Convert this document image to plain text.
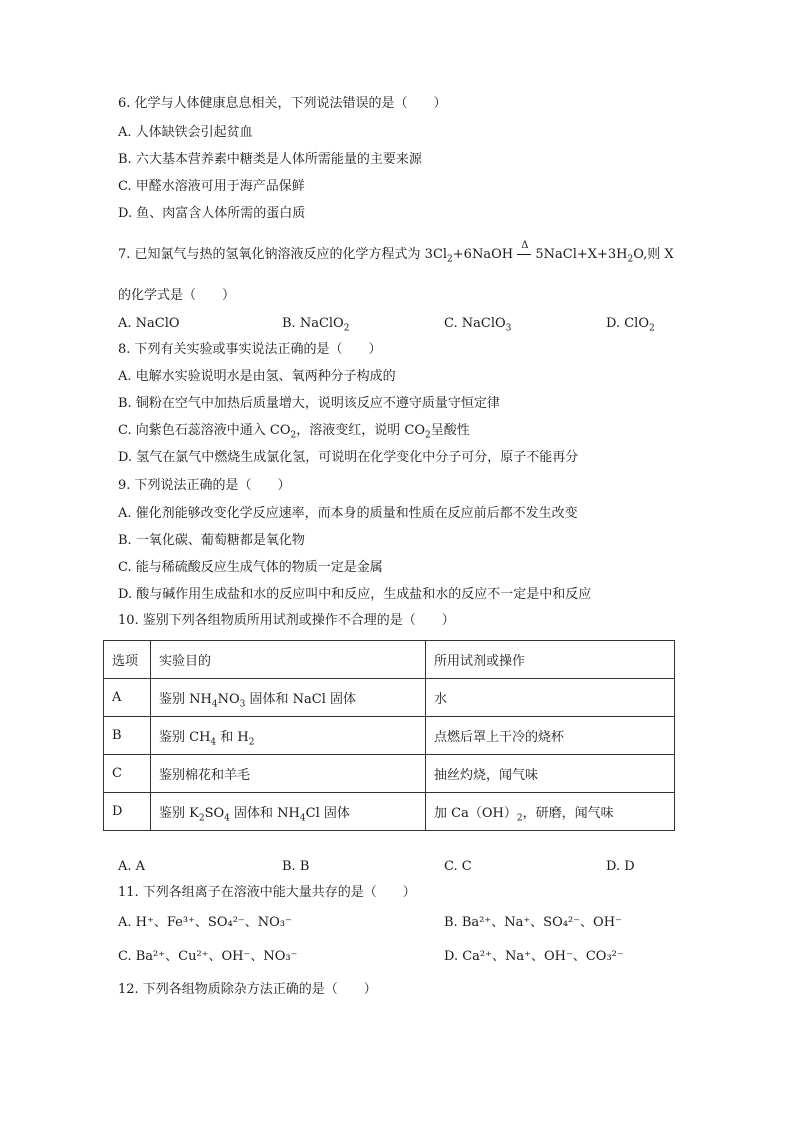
6. 化学与人体健康息息相关，下列说法错误的是（　　）
A. 人体缺铁会引起贫血
B. 六大基本营养素中糖类是人体所需能量的主要来源
C. 甲醛水溶液可用于海产品保鲜
D. 鱼、肉富含人体所需的蛋白质
7. 已知氯气与热的氢氧化钠溶液反应的化学方程式为 $3Cl_2+6NaOH$
Δ
$5NaCl+X+3H_2O$,则 X
的化学式是（　　）
A. NaClO	B. NaClO$_2$	C. NaClO$_3$	D. ClO$_2$
8. 下列有关实验或事实说法正确的是（　　）
A. 电解水实验说明水是由氢、氧两种分子构成的
B. 铜粉在空气中加热后质量增大，说明该反应不遵守质量守恒定律
C. 向紫色石蕊溶液中通入 $CO_2$，溶液变红，说明 $CO_2$呈酸性
D. 氢气在氯气中燃烧生成氯化氢，可说明在化学变化中分子可分，原子不能再分
9. 下列说法正确的是（　　）
A. 催化剂能够改变化学反应速率，而本身的质量和性质在反应前后都不发生改变
B. 一氧化碳、葡萄糖都是氧化物
C. 能与稀硫酸反应生成气体的物质一定是金属
D. 酸与碱作用生成盐和水的反应叫中和反应，生成盐和水的反应不一定是中和反应
10. 鉴别下列各组物质所用试剂或操作不合理的是（　　）
选项	实验目的	所用试剂或操作
A	鉴别 $NH_4NO_3$ 固体和 NaCl 固体	水
B	鉴别 $CH_4$ 和 $H_2$	点燃后罩上干冷的烧杯
C	鉴别棉花和羊毛	抽丝灼烧，闻气味
D	鉴别 $K_2SO_4$ 固体和 $NH_4Cl$ 固体	加 $Ca(OH)_2$，研磨，闻气味
A. A	B. B	C. C	D. D
11. 下列各组离子在溶液中能大量共存的是（　　）
A. H⁺、Fe³⁺、SO₄²⁻、NO₃⁻	B. Ba²⁺、Na⁺、SO₄²⁻、OH⁻
C. Ba²⁺、Cu²⁺、OH⁻、NO₃⁻	D. Ca²⁺、Na⁺、OH⁻、CO₃²⁻
12. 下列各组物质除杂方法正确的是（　　）
